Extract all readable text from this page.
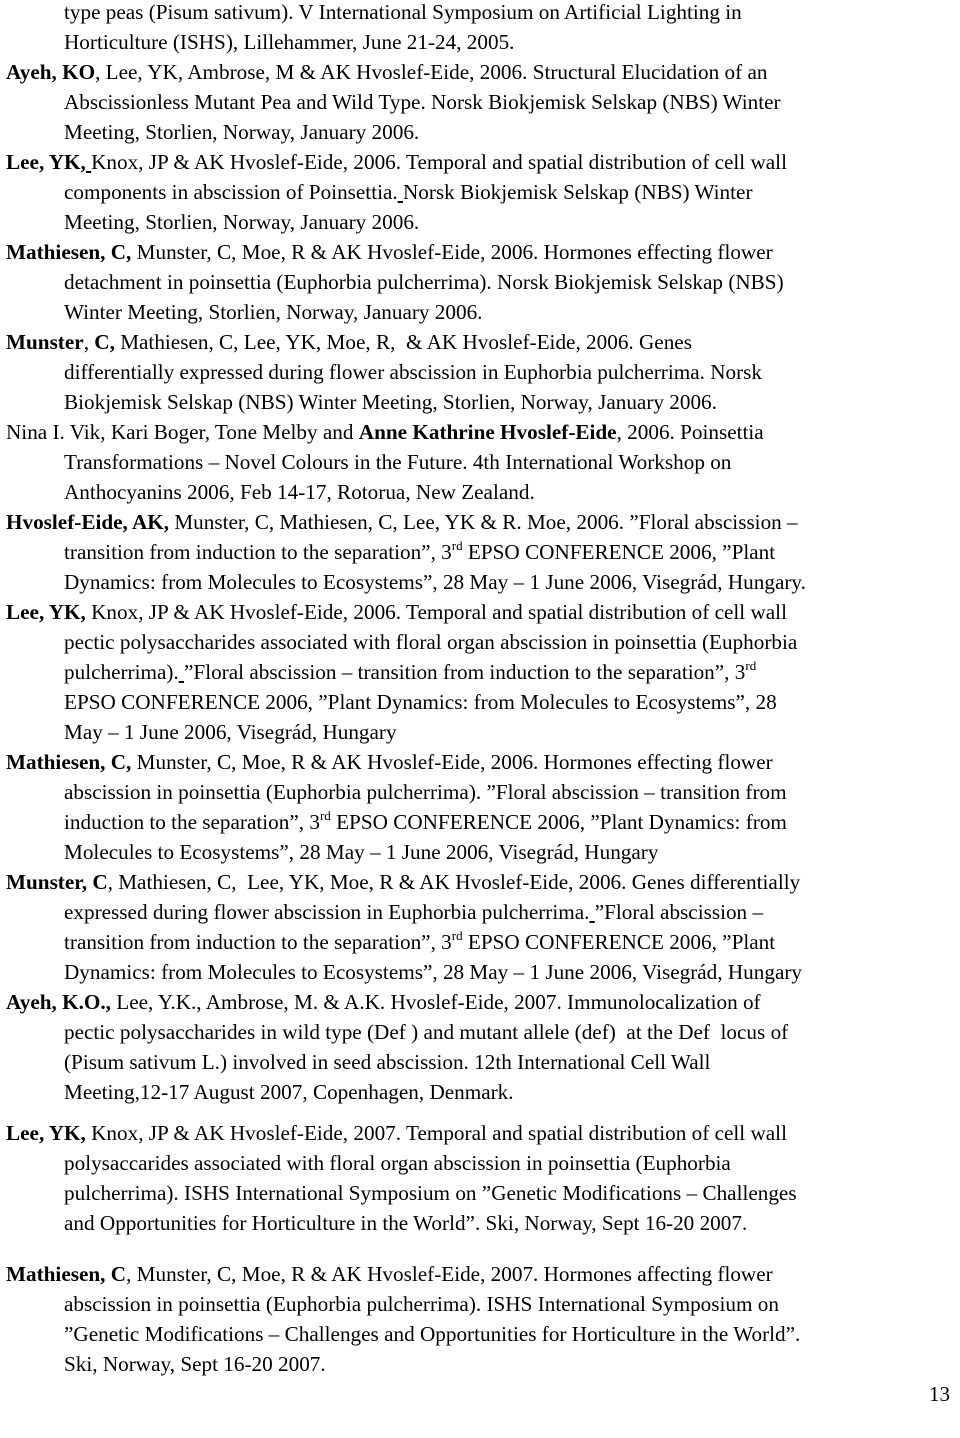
type peas (Pisum sativum). V International Symposium on Artificial Lighting in
Horticulture (ISHS), Lillehammer, June 21-24, 2005.
Ayeh, KO, Lee, YK, Ambrose, M & AK Hvoslef-Eide, 2006. Structural Elucidation of an
Abscissionless Mutant Pea and Wild Type. Norsk Biokjemisk Selskap (NBS) Winter
Meeting, Storlien, Norway, January 2006.
Lee, YK, Knox, JP & AK Hvoslef-Eide, 2006. Temporal and spatial distribution of cell wall
components in abscission of Poinsettia. Norsk Biokjemisk Selskap (NBS) Winter
Meeting, Storlien, Norway, January 2006.
Mathiesen, C, Munster, C, Moe, R & AK Hvoslef-Eide, 2006. Hormones effecting flower
detachment in poinsettia (Euphorbia pulcherrima). Norsk Biokjemisk Selskap (NBS)
Winter Meeting, Storlien, Norway, January 2006.
Munster, C, Mathiesen, C, Lee, YK, Moe, R,  & AK Hvoslef-Eide, 2006. Genes
differentially expressed during flower abscission in Euphorbia pulcherrima. Norsk
Biokjemisk Selskap (NBS) Winter Meeting, Storlien, Norway, January 2006.
Nina I. Vik, Kari Boger, Tone Melby and Anne Kathrine Hvoslef-Eide, 2006. Poinsettia
Transformations – Novel Colours in the Future. 4th International Workshop on
Anthocyanins 2006, Feb 14-17, Rotorua, New Zealand.
Hvoslef-Eide, AK, Munster, C, Mathiesen, C, Lee, YK & R. Moe, 2006. ”Floral abscission –
transition from induction to the separation”, 3rd EPSO CONFERENCE 2006, ”Plant
Dynamics: from Molecules to Ecosystems”, 28 May – 1 June 2006, Visegrád, Hungary.
Lee, YK, Knox, JP & AK Hvoslef-Eide, 2006. Temporal and spatial distribution of cell wall
pectic polysaccharides associated with floral organ abscission in poinsettia (Euphorbia
pulcherrima). ”Floral abscission – transition from induction to the separation”, 3rd
EPSO CONFERENCE 2006, ”Plant Dynamics: from Molecules to Ecosystems”, 28
May – 1 June 2006, Visegrád, Hungary
Mathiesen, C, Munster, C, Moe, R & AK Hvoslef-Eide, 2006. Hormones effecting flower
abscission in poinsettia (Euphorbia pulcherrima). ”Floral abscission – transition from
induction to the separation”, 3rd EPSO CONFERENCE 2006, ”Plant Dynamics: from
Molecules to Ecosystems”, 28 May – 1 June 2006, Visegrád, Hungary
Munster, C, Mathiesen, C,  Lee, YK, Moe, R & AK Hvoslef-Eide, 2006. Genes differentially
expressed during flower abscission in Euphorbia pulcherrima. ”Floral abscission –
transition from induction to the separation”, 3rd EPSO CONFERENCE 2006, ”Plant
Dynamics: from Molecules to Ecosystems”, 28 May – 1 June 2006, Visegrád, Hungary
Ayeh, K.O., Lee, Y.K., Ambrose, M. & A.K. Hvoslef-Eide, 2007. Immunolocalization of
pectic polysaccharides in wild type (Def ) and mutant allele (def)  at the Def  locus of
(Pisum sativum L.) involved in seed abscission. 12th International Cell Wall
Meeting,12-17 August 2007, Copenhagen, Denmark.
Lee, YK, Knox, JP & AK Hvoslef-Eide, 2007. Temporal and spatial distribution of cell wall
polysaccarides associated with floral organ abscission in poinsettia (Euphorbia
pulcherrima). ISHS International Symposium on ”Genetic Modifications – Challenges
and Opportunities for Horticulture in the World”. Ski, Norway, Sept 16-20 2007.
Mathiesen, C, Munster, C, Moe, R & AK Hvoslef-Eide, 2007. Hormones affecting flower
abscission in poinsettia (Euphorbia pulcherrima). ISHS International Symposium on
”Genetic Modifications – Challenges and Opportunities for Horticulture in the World”.
Ski, Norway, Sept 16-20 2007.
13
